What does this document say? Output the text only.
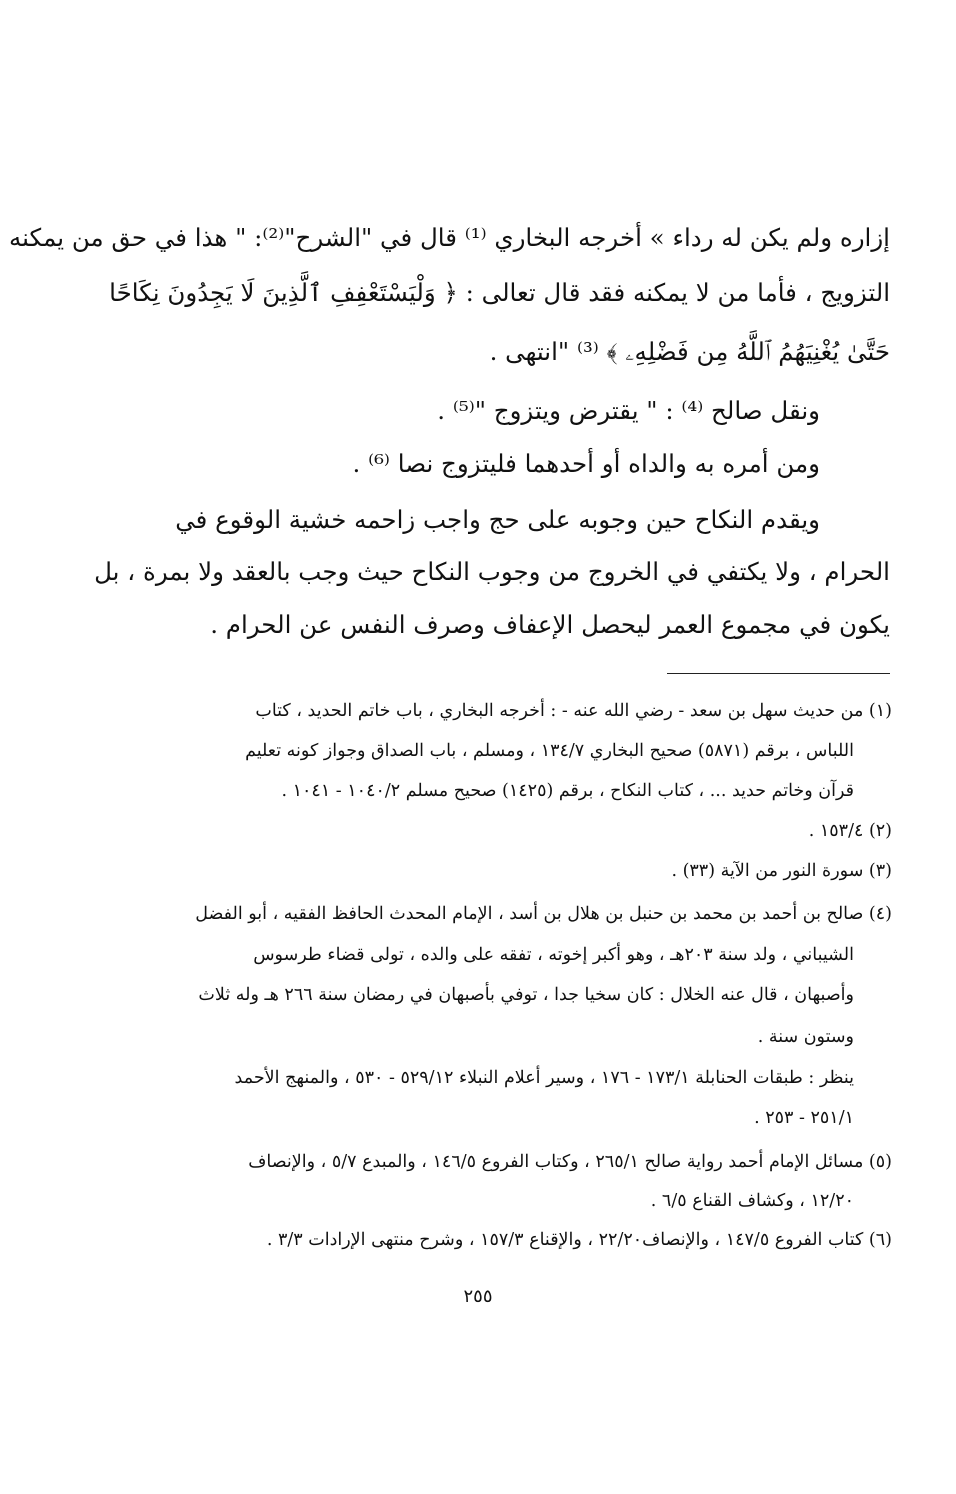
إزاره ولم يكن له رداء » أخرجه البخاري ⁽¹⁾ قال في "الشرح"⁽²⁾: " هذا في حق من يمكنه
التزويج ، فأما من لا يمكنه فقد قال تعالى : ﴿ وَلْيَسْتَعْفِفِ ٱلَّذِينَ لَا يَجِدُونَ نِكَاحًا
حَتَّىٰ يُغْنِيَهُمُ ٱللَّهُ مِن فَضْلِهِۦ ﴾ ⁽³⁾ "انتهى .
ونقل صالح ⁽⁴⁾ : " يقترض ويتزوج "⁽⁵⁾ .
ومن أمره به والداه أو أحدهما فليتزوج نصا ⁽⁶⁾ .
ويقدم النكاح حين وجوبه على حج واجب زاحمه خشية الوقوع في
الحرام ، ولا يكتفي في الخروج من وجوب النكاح حيث وجب بالعقد ولا بمرة ، بل
يكون في مجموع العمر ليحصل الإعفاف وصرف النفس عن الحرام .
(١) من حديث سهل بن سعد - رضي الله عنه - : أخرجه البخاري ، باب خاتم الحديد ، كتاب
اللباس ، برقم (٥٨٧١) صحيح البخاري ١٣٤/٧ ، ومسلم ، باب الصداق وجواز كونه تعليم
قرآن وخاتم حديد ... ، كتاب النكاح ، برقم (١٤٢٥) صحيح مسلم ١٠٤٠/٢ - ١٠٤١ .
(٢) ١٥٣/٤ .
(٣) سورة النور من الآية (٣٣) .
(٤) صالح بن أحمد بن محمد بن حنبل بن هلال بن أسد ، الإمام المحدث الحافظ الفقيه ، أبو الفضل
الشيباني ، ولد سنة ٢٠٣هـ ، وهو أكبر إخوته ، تفقه على والده ، تولى قضاء طرسوس
وأصبهان ، قال عنه الخلال : كان سخيا جدا ، توفي بأصبهان في رمضان سنة ٢٦٦ هـ وله ثلاث
وستون سنة .
ينظر : طبقات الحنابلة ١٧٣/١ - ١٧٦ ، وسير أعلام النبلاء ٥٢٩/١٢ - ٥٣٠ ، والمنهج الأحمد
٢٥١/١ - ٢٥٣ .
(٥) مسائل الإمام أحمد رواية صالح ٢٦٥/١ ، وكتاب الفروع ١٤٦/٥ ، والمبدع ٥/٧ ، والإنصاف
١٢/٢٠ ، وكشاف القناع ٦/٥ .
(٦) كتاب الفروع ١٤٧/٥ ، والإنصاف٢٢/٢٠ ، والإقناع ١٥٧/٣ ، وشرح منتهى الإرادات ٣/٣ .
٢٥٥
